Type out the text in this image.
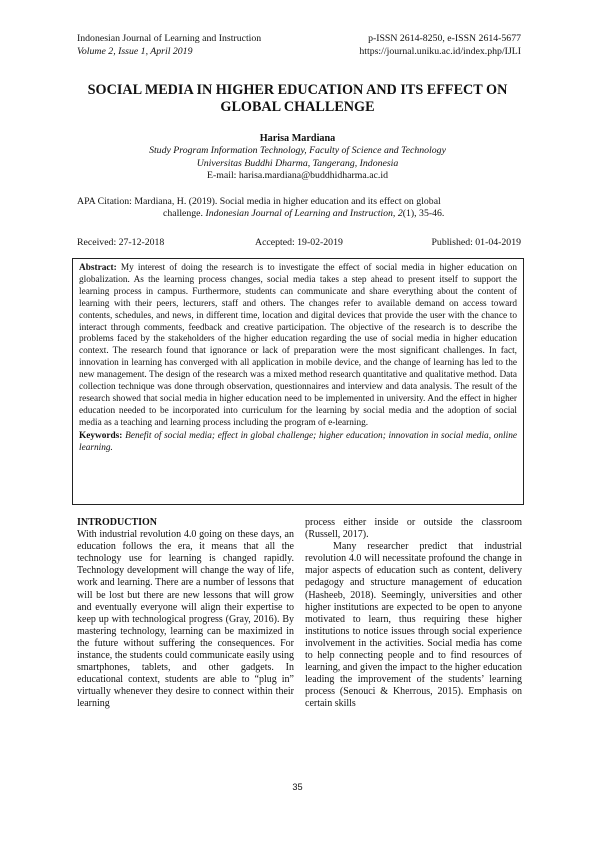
Indonesian Journal of Learning and Instruction
Volume 2, Issue 1, April 2019
p-ISSN 2614-8250, e-ISSN 2614-5677
https://journal.uniku.ac.id/index.php/IJLI
SOCIAL MEDIA IN HIGHER EDUCATION AND ITS EFFECT ON GLOBAL CHALLENGE
Harisa Mardiana
Study Program Information Technology, Faculty of Science and Technology
Universitas Buddhi Dharma, Tangerang, Indonesia
E-mail: harisa.mardiana@buddhidharma.ac.id
APA Citation: Mardiana, H. (2019). Social media in higher education and its effect on global
challenge. Indonesian Journal of Learning and Instruction, 2(1), 35-46.
Received: 27-12-2018	Accepted: 19-02-2019	Published: 01-04-2019
Abstract: My interest of doing the research is to investigate the effect of social media in higher education on globalization. As the learning process changes, social media takes a step ahead to present itself to support the learning process in campus. Furthermore, students can communicate and share everything about the content of learning with their peers, lecturers, staff and others. The changes refer to available demand on access toward contents, schedules, and news, in different time, location and digital devices that provide the user with the chance to interact through comments, feedback and creative participation. The objective of the research is to describe the problems faced by the stakeholders of the higher education regarding the use of social media in higher education context. The research found that ignorance or lack of preparation were the most significant challenges. In fact, innovation in learning has converged with all application in mobile device, and the change of learning has led to the new management. The design of the research was a mixed method research quantitative and qualitative method. Data collection technique was done through observation, questionnaires and interview and data analysis. The result of the research showed that social media in higher education need to be implemented in university. And the effect in higher education needed to be incorporated into curriculum for the learning by social media and the adoption of social media as a teaching and learning process including the program of e-learning.
Keywords: Benefit of social media; effect in global challenge; higher education; innovation in social media, online learning.
INTRODUCTION

With industrial revolution 4.0 going on these days, an education follows the era, it means that all the technology use for learning is changed rapidly. Technology development will change the way of life, work and learning. There are a number of lessons that will be lost but there are new lessons that will grow and eventually everyone will align their expertise to keep up with technological progress (Gray, 2016). By mastering technology, learning can be maximized in the future without suffering the consequences. For instance, the students could communicate easily using smartphones, tablets, and other gadgets. In educational context, students are able to “plug in” virtually whenever they desire to connect within their learning

process either inside or outside the classroom (Russell, 2017).

Many researcher predict that industrial revolution 4.0 will necessitate profound the change in major aspects of education such as content, delivery pedagogy and structure management of education (Hasheeb, 2018). Seemingly, universities and other higher institutions are expected to be open to anyone motivated to learn, thus requiring these higher institutions to notice issues through social experience involvement in the activities. Social media has come to help connecting people and to find resources of learning, and given the impact to the higher education leading the improvement of the students’ learning process (Senouci & Kherrous, 2015). Emphasis on certain skills

35
